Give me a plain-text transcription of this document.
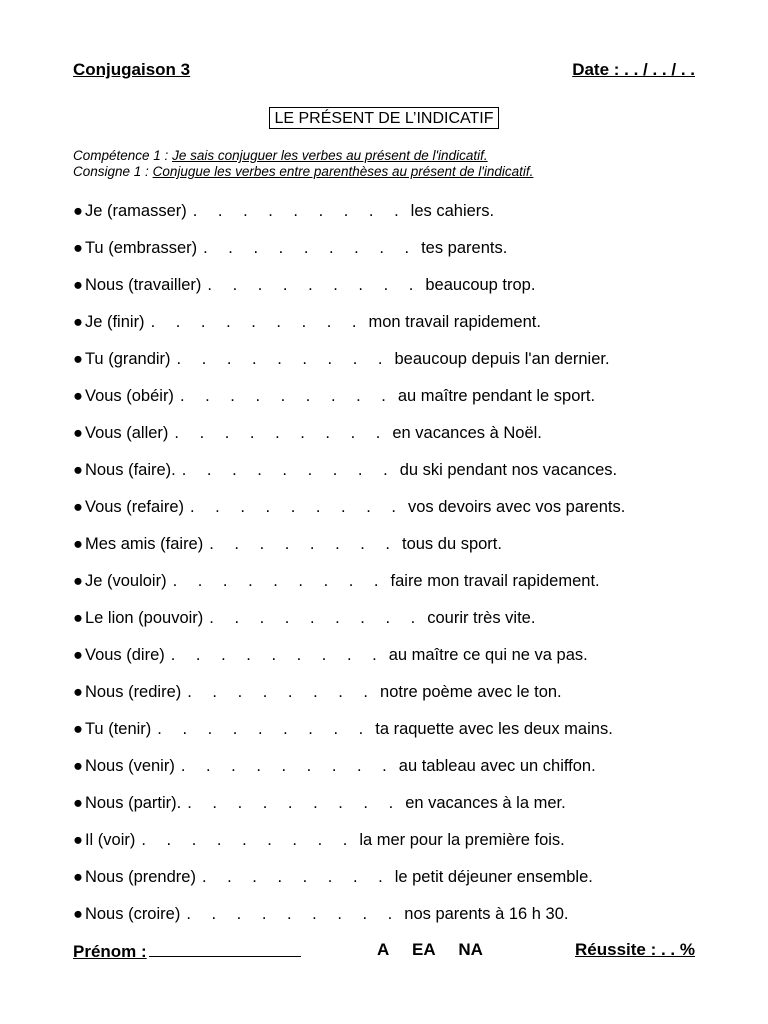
Conjugaison 3	Date : . . / . . / . .
LE PRÉSENT DE L’INDICATIF
Compétence 1 : Je sais conjuguer les verbes au présent de l'indicatif.
Consigne 1 : Conjugue les verbes entre parenthèses au présent de l'indicatif.
● Je (ramasser) . . . . . . . . . les cahiers.
● Tu (embrasser) . . . . . . . . . tes parents.
● Nous (travailler) . . . . . . . . . beaucoup trop.
● Je (finir) . . . . . . . . . mon travail rapidement.
● Tu (grandir) . . . . . . . . . beaucoup depuis l'an dernier.
● Vous (obéir) . . . . . . . . . au maître pendant le sport.
● Vous (aller) . . . . . . . . . en vacances à Noël.
● Nous (faire). . . . . . . . . . du ski pendant nos vacances.
● Vous (refaire) . . . . . . . . . vos devoirs avec vos parents.
● Mes amis (faire) . . . . . . . . tous du sport.
● Je (vouloir) . . . . . . . . . faire mon travail rapidement.
● Le lion (pouvoir) . . . . . . . . . courir très vite.
● Vous (dire) . . . . . . . . . au maître ce qui ne va pas.
● Nous (redire) . . . . . . . . notre poème avec le ton.
● Tu (tenir) . . . . . . . . . ta raquette avec les deux mains.
● Nous (venir) . . . . . . . . . au tableau avec un chiffon.
● Nous (partir). . . . . . . . . . en vacances à la mer.
● Il (voir) . . . . . . . . . la mer pour la première fois.
● Nous (prendre) . . . . . . . . le petit déjeuner ensemble.
● Nous (croire) . . . . . . . . . nos parents à 16 h 30.
Prénom :	A EA NA	Réussite : . . %
